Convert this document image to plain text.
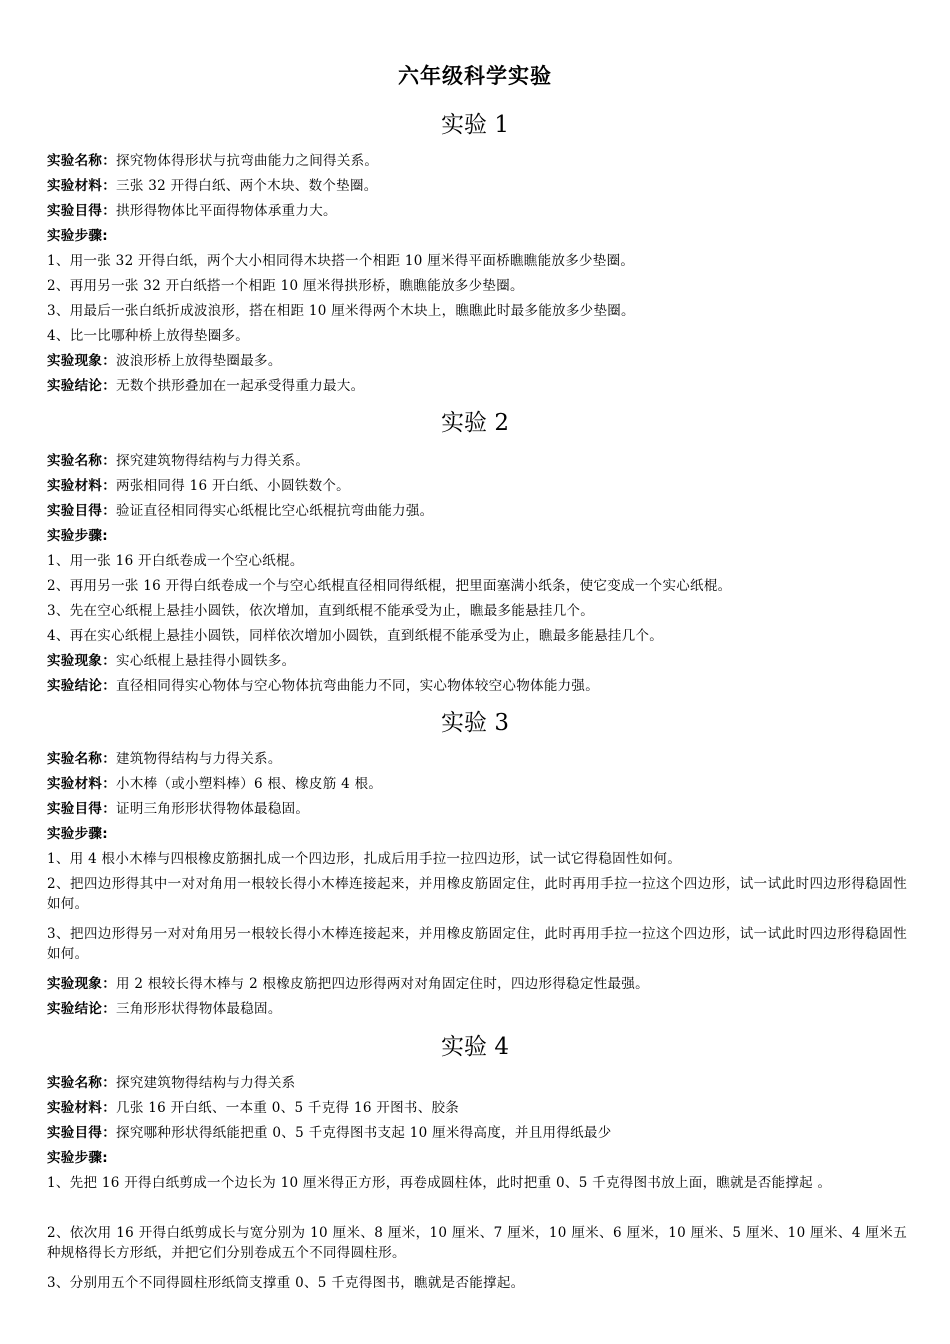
六年级科学实验
实验 1
实验名称：探究物体得形状与抗弯曲能力之间得关系。
实验材料：三张 32 开得白纸、两个木块、数个垫圈。
实验目得：拱形得物体比平面得物体承重力大。
实验步骤:
1、用一张 32 开得白纸，两个大小相同得木块搭一个相距 10 厘米得平面桥瞧瞧能放多少垫圈。
2、再用另一张 32 开白纸搭一个相距 10 厘米得拱形桥，瞧瞧能放多少垫圈。
3、用最后一张白纸折成波浪形，搭在相距 10 厘米得两个木块上，瞧瞧此时最多能放多少垫圈。
4、比一比哪种桥上放得垫圈多。
实验现象：波浪形桥上放得垫圈最多。
实验结论：无数个拱形叠加在一起承受得重力最大。
实验 2
实验名称：探究建筑物得结构与力得关系。
实验材料：两张相同得 16 开白纸、小圆铁数个。
实验目得：验证直径相同得实心纸棍比空心纸棍抗弯曲能力强。
实验步骤:
1、用一张 16 开白纸卷成一个空心纸棍。
2、再用另一张 16 开得白纸卷成一个与空心纸棍直径相同得纸棍，把里面塞满小纸条，使它变成一个实心纸棍。
3、先在空心纸棍上悬挂小圆铁，依次增加，直到纸棍不能承受为止，瞧最多能悬挂几个。
4、再在实心纸棍上悬挂小圆铁，同样依次增加小圆铁，直到纸棍不能承受为止，瞧最多能悬挂几个。
实验现象：实心纸棍上悬挂得小圆铁多。
实验结论：直径相同得实心物体与空心物体抗弯曲能力不同，实心物体较空心物体能力强。
实验 3
实验名称：建筑物得结构与力得关系。
实验材料：小木棒（或小塑料棒）6 根、橡皮筋 4 根。
实验目得：证明三角形形状得物体最稳固。
实验步骤:
1、用 4 根小木棒与四根橡皮筋捆扎成一个四边形，扎成后用手拉一拉四边形，试一试它得稳固性如何。
2、把四边形得其中一对对角用一根较长得小木棒连接起来，并用橡皮筋固定住，此时再用手拉一拉这个四边形，试一试此时四边形得稳固性如何。
3、把四边形得另一对对角用另一根较长得小木棒连接起来，并用橡皮筋固定住，此时再用手拉一拉这个四边形，试一试此时四边形得稳固性如何。
实验现象：用 2 根较长得木棒与 2 根橡皮筋把四边形得两对对角固定住时，四边形得稳定性最强。
实验结论：三角形形状得物体最稳固。
实验 4
实验名称：探究建筑物得结构与力得关系
实验材料：几张 16 开白纸、一本重 0、5 千克得 16 开图书、胶条
实验目得：探究哪种形状得纸能把重 0、5 千克得图书支起 10 厘米得高度，并且用得纸最少
实验步骤:
1、先把 16 开得白纸剪成一个边长为 10 厘米得正方形，再卷成圆柱体，此时把重 0、5 千克得图书放上面，瞧就是否能撑起 。
2、依次用 16 开得白纸剪成长与宽分别为 10 厘米、8 厘米，10 厘米、7 厘米，10 厘米、6 厘米，10 厘米、5 厘米、10 厘米、4 厘米五种规格得长方形纸，并把它们分别卷成五个不同得圆柱形。
3、分别用五个不同得圆柱形纸筒支撑重 0、5 千克得图书，瞧就是否能撑起。
